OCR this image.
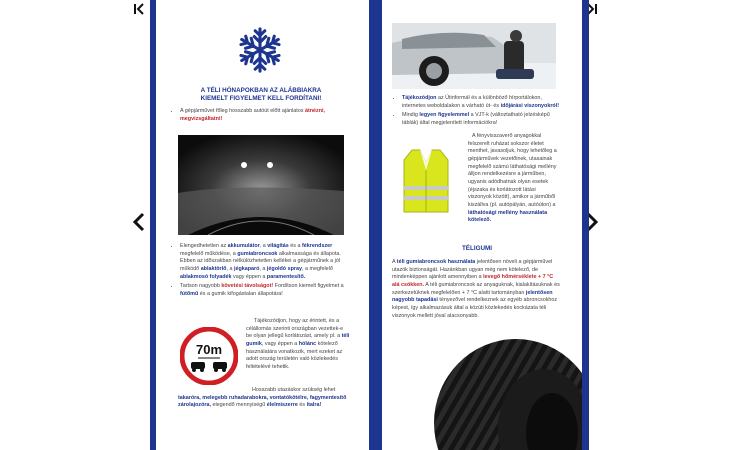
A TÉLI HÓNAPOKBAN AZ ALÁBBIAKRA KIEMELT FIGYELMET KELL FORDÍTANI!
• A gépjárművet főleg hosszabb autóút előtt ajánlatos átnézni, megvizsgáltatni!
• Elengedhetetlen az akkumulátor, a világítás és a fékrendszer megfelelő működése, a gumiabroncsok alkalmassága és állapota. Ebben az időszakban nélkülözhetetlen kellékei a gépjárműnek a jól működő ablaktörlő, a jégkaparó, a jégoldó spray, a megfelelő ablakmosó folyadék vagy éppen a paramentesítő.
• Tartson nagyobb követési távolságot! Fordítson kiemelt figyelmet a fútőmű és a gumik kifogástalan állapotára!
70m
Tájékozódjon, hogy az érintett, és a célállomás szerinti országban vezettek-e be olyan jellegű korlátozást, amely pl. a téli gumik, vagy éppen a hólánc kötelező használatára vonatkozik, mert ezeket az adott ország területén való közlekedés feltételévé tehetik.
Hosszabb utazáskor szükség lehet takaróra, melegebb ruhadarabokra, vontatókötélre, fagymentesítő zárolajozóra, elegendő mennyiségű élelmiszerre és italra!
• Tájékozódjon az Útinformál és a különböző hírportálokon, internetes weboldalakon a várható út- és időjárási viszonyokról!
• Mindig legyen figyelemmel a VJT-k (változtatható jelzésképű táblák) által megjelenített információkra!
A fényvisszaverő anyagokkal felszerelt ruházat sokszor életet menthet, javasoljuk, hogy lehetőleg a gépjárművek vezetőinek, utasainak megfelelő számú láthatósági mellény álljon rendelkezésre a járműben, ugyanis adódhatnak olyan esetek (éjszaka és korlátozott látási viszonyok között), amikor a járműből kiszállva (pl. autópályán, autóúton) a láthatósági mellény használata kötelező.
TÉLIGUMI
A téli gumiabroncsok használata jelentősen növeli a gépjárművel utazók biztonságát. Hazánkban ugyan még nem kötelező, de mindenképpen ajánlott amennyiben a levegő hőmérséklete + 7 °C alá csökken. A téli gumiabroncsok az anyaguknak, kialakításuknak és szerkezetüknek megfelelően + 7 °C alatti tartományban jelentősen nagyobb tapadási tényezővel rendelkeznek az egyéb abroncsokhoz képest, így alkalmazásuk által a közúti közlekedés kockázata téli viszonyok mellett jóval alacsonyabb.
